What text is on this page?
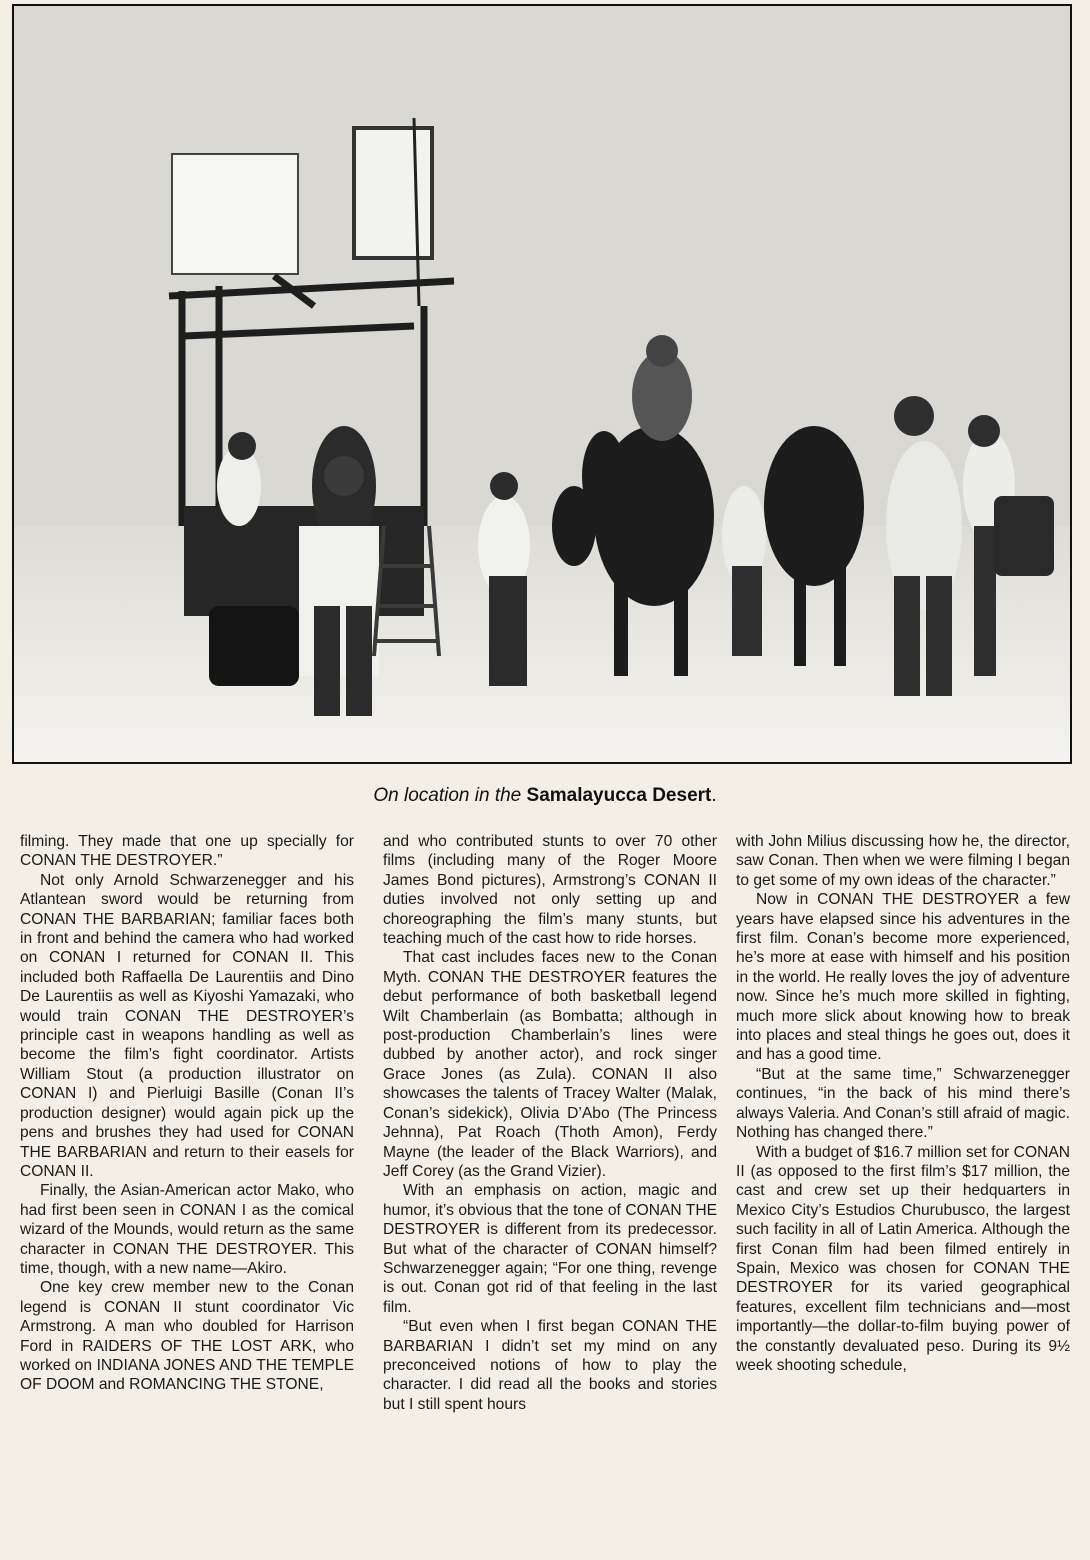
On location in the Samalayucca Desert.

filming. They made that one up specially for CONAN THE DESTROYER.”

Not only Arnold Schwarzenegger and his Atlantean sword would be returning from CONAN THE BARBARIAN; familiar faces both in front and behind the camera who had worked on CONAN I returned for CONAN II. This included both Raffaella De Laurentiis and Dino De Laurentiis as well as Kiyoshi Yamazaki, who would train CONAN THE DESTROYER’s principle cast in weapons handling as well as become the film’s fight coordinator. Artists William Stout (a production illustrator on CONAN I) and Pierluigi Basille (Conan II’s production designer) would again pick up the pens and brushes they had used for CONAN THE BARBARIAN and return to their easels for CONAN II.

Finally, the Asian-American actor Mako, who had first been seen in CONAN I as the comical wizard of the Mounds, would return as the same character in CONAN THE DESTROYER. This time, though, with a new name—Akiro.

One key crew member new to the Conan legend is CONAN II stunt coordinator Vic Armstrong. A man who doubled for Harrison Ford in RAIDERS OF THE LOST ARK, who worked on INDIANA JONES AND THE TEMPLE OF DOOM and ROMANCING THE STONE,

and who contributed stunts to over 70 other films (including many of the Roger Moore James Bond pictures), Armstrong’s CONAN II duties involved not only setting up and choreographing the film’s many stunts, but teaching much of the cast how to ride horses.

That cast includes faces new to the Conan Myth. CONAN THE DESTROYER features the debut performance of both basketball legend Wilt Chamberlain (as Bombatta; although in post-production Chamberlain’s lines were dubbed by another actor), and rock singer Grace Jones (as Zula). CONAN II also showcases the talents of Tracey Walter (Malak, Conan’s sidekick), Olivia D’Abo (The Princess Jehnna), Pat Roach (Thoth Amon), Ferdy Mayne (the leader of the Black Warriors), and Jeff Corey (as the Grand Vizier).

With an emphasis on action, magic and humor, it’s obvious that the tone of CONAN THE DESTROYER is different from its predecessor. But what of the character of CONAN himself? Schwarzenegger again; “For one thing, revenge is out. Conan got rid of that feeling in the last film.

“But even when I first began CONAN THE BARBARIAN I didn’t set my mind on any preconceived notions of how to play the character. I did read all the books and stories but I still spent hours

with John Milius discussing how he, the director, saw Conan. Then when we were filming I began to get some of my own ideas of the character.”

Now in CONAN THE DESTROYER a few years have elapsed since his adventures in the first film. Conan’s become more experienced, he’s more at ease with himself and his position in the world. He really loves the joy of adventure now. Since he’s much more skilled in fighting, much more slick about knowing how to break into places and steal things he goes out, does it and has a good time.

“But at the same time,” Schwarzenegger continues, “in the back of his mind there’s always Valeria. And Conan’s still afraid of magic. Nothing has changed there.”

With a budget of $16.7 million set for CONAN II (as opposed to the first film’s $17 million, the cast and crew set up their hedquarters in Mexico City’s Estudios Churubusco, the largest such facility in all of Latin America. Although the first Conan film had been filmed entirely in Spain, Mexico was chosen for CONAN THE DESTROYER for its varied geographical features, excellent film technicians and—most importantly—the dollar-to-film buying power of the constantly devaluated peso. During its 9½ week shooting schedule,
